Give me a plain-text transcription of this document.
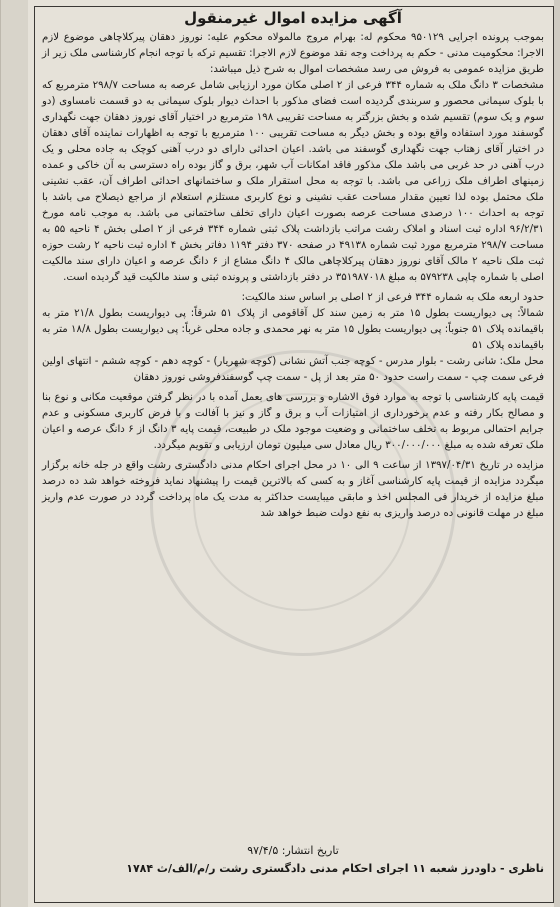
آگهی مزایده اموال غیرمنقول

بموجب پرونده اجرایی ۹۵۰۱۲۹ محکوم له: بهرام مروج مالمولاه محکوم علیه: نوروز دهقان پیرکلاچاهی موضوع لازم الاجرا: محکومیت مدنی - حکم به پرداخت وجه نقد موضوع لازم الاجرا: تقسیم ترکه با توجه انجام کارشناسی ملک زیر از طریق مزایده عمومی به فروش می رسد مشخصات اموال به شرح ذیل میباشد:

مشخصات ۳ دانگ ملک به شماره ۳۴۴ فرعی از ۲ اصلی مکان مورد ارزیابی شامل عرصه به مساحت ۲۹۸/۷ مترمربع که با بلوک سیمانی محصور و سربندی گردیده است فضای مذکور با احداث دیوار بلوک سیمانی به دو قسمت نامساوی (دو سوم و یک سوم) تقسیم شده و بخش بزرگتر به مساحت تقریبی ۱۹۸ مترمربع در اختیار آقای نوروز دهقان جهت نگهداری گوسفند مورد استفاده واقع بوده و بخش دیگر به مساحت تقریبی ۱۰۰ مترمربع با توجه به اظهارات نماینده آقای دهقان در اختیار آقای زهتاب جهت نگهداری گوسفند می باشد. اعیان احداثی دارای دو درب آهنی کوچک به جاده محلی و یک درب آهنی در حد غربی می باشد ملک مذکور فاقد امکانات آب شهر، برق و گاز بوده راه دسترسی به آن خاکی و عمده زمینهای اطراف ملک زراعی می باشد. با توجه به محل استقرار ملک و ساختمانهای احداثی اطراف آن، عقب نشینی ملک محتمل بوده لذا تعیین مقدار مساحت عقب نشینی و نوع کاربری مستلزم استعلام از مراجع ذیصلاح می باشد با توجه به احداث ۱۰۰ درصدی مساحت عرصه بصورت اعیان دارای تخلف ساختمانی می باشد. به موجب نامه مورخ ۹۶/۲/۳۱ اداره ثبت اسناد و املاک رشت مراتب بازداشت پلاک ثبتی شماره ۳۴۴ فرعی از ۲ اصلی بخش ۴ ناحیه ۵۵ به مساحت ۲۹۸/۷ مترمربع مورد ثبت شماره ۴۹۱۳۸ در صفحه ۳۷۰ دفتر ۱۱۹۴ دفاتر بخش ۴ اداره ثبت ناحیه ۲ رشت حوزه ثبت ملک ناحیه ۲ مالک آقای نوروز دهقان پیرکلاچاهی مالک ۴ دانگ مشاع از ۶ دانگ عرصه و اعیان دارای سند مالکیت اصلی با شماره چاپی ۵۷۹۲۳۸ به مبلغ ۳۵۱۹۸۷۰۱۸ در دفتر بازداشتی و پرونده ثبتی و سند مالکیت قید گردیده است.

حدود اربعه ملک به شماره ۳۴۴ فرعی از ۲ اصلی بر اساس سند مالکیت:

شمالاً: پی دیواریست بطول ۱۵ متر به زمین سند کل آقاقومی از پلاک ۵۱ شرقاً: پی دیواریست بطول ۲۱/۸ متر به باقیمانده پلاک ۵۱ جنوباً: پی دیواریست بطول ۱۵ متر به نهر محمدی و جاده محلی غرباً: پی دیواریست بطول ۱۸/۸ متر به باقیمانده پلاک ۵۱

محل ملک: شانی رشت - بلوار مدرس - کوچه جنب آتش نشانی (کوچه شهریار) - کوچه دهم - کوچه ششم - انتهای اولین فرعی سمت چپ - سمت راست حدود ۵۰ متر بعد از پل - سمت چپ گوسفندفروشی نوروز دهقان

قیمت پایه کارشناسی با توجه به موارد فوق الاشاره و بررسی های بعمل آمده با در نظر گرفتن موقعیت مکانی و نوع بنا و مصالح بکار رفته و عدم برخورداری از امتیازات آب و برق و گاز و نیز با آفالت و با فرض کاربری مسکونی و عدم جرایم احتمالی مربوط به تخلف ساختمانی و وضعیت موجود ملک در طبیعت، قیمت پایه ۳ دانگ از ۶ دانگ عرصه و اعیان ملک تعرفه شده به مبلغ ۳۰۰/۰۰۰/۰۰۰ ریال معادل سی میلیون تومان ارزیابی و تقویم میگردد.

مزایده در تاریخ ۱۳۹۷/۰۴/۳۱ از ساعت ۹ الی ۱۰ در محل اجرای احکام مدنی دادگستری رشت واقع در جله خانه برگزار میگردد مزایده از قیمت پایه کارشناسی آغاز و به کسی که بالاترین قیمت را پیشنهاد نماید فروخته خواهد شد ده درصد مبلغ مزایده از خریدار فی المجلس اخذ و مابقی میبایست حداکثر به مدت یک ماه پرداخت گردد در صورت عدم واریز مبلغ در مهلت قانونی ده درصد واریزی به نفع دولت ضبط خواهد شد

تاریخ انتشار: ۹۷/۴/۵
ناظری - داودرز شعبه ۱۱ اجرای احکام مدنی دادگستری رشت ر/م/الف/ث ۱۷۸۴
